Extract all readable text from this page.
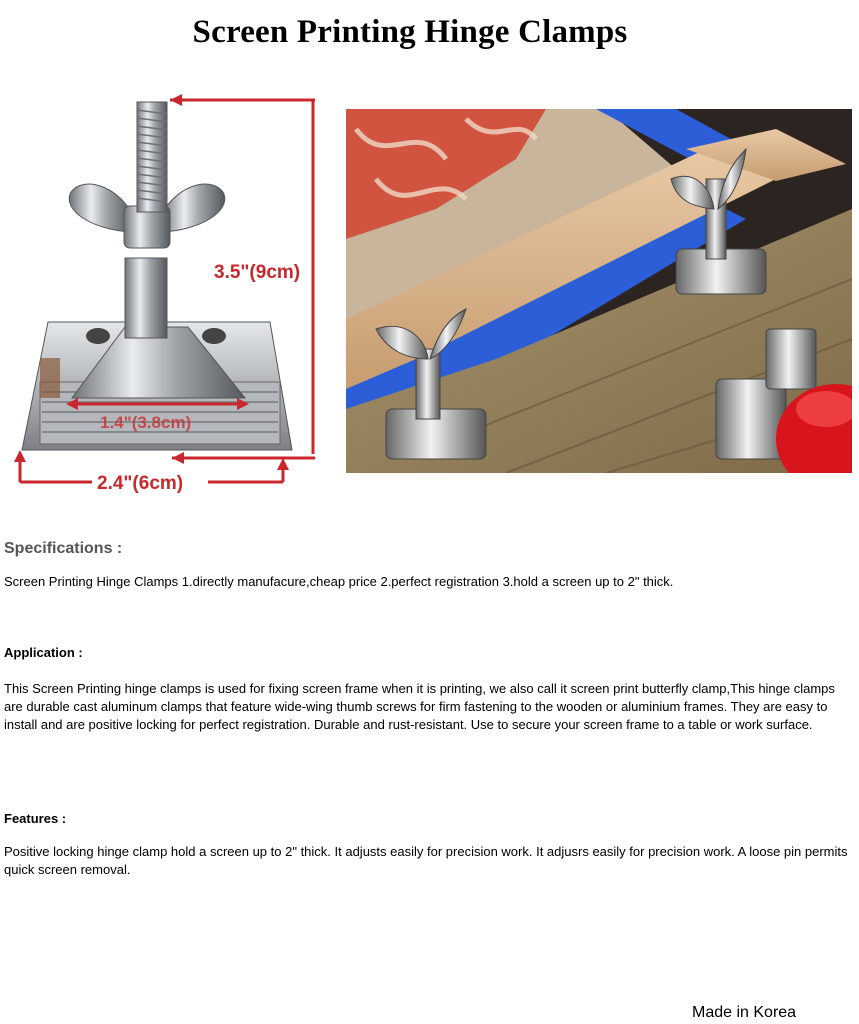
Screen Printing Hinge Clamps
3.5"(9cm)
1.4"(3.8cm)
2.4"(6cm)
Specifications :
Screen Printing Hinge Clamps 1.directly manufacure,cheap price 2.perfect registration 3.hold a screen up to 2" thick.
Application :
This Screen Printing hinge clamps is used for fixing screen frame when it is printing, we also call it screen print butterfly clamp,This hinge clamps are durable cast aluminum clamps that feature wide-wing thumb screws for firm fastening to the wooden or aluminium frames. They are easy to install and are positive locking for perfect registration. Durable and rust-resistant. Use to secure your screen frame to a table or work surface.
Features :
Positive locking hinge clamp hold a screen up to 2" thick. It adjusts easily for precision work. It adjusrs easily for precision work. A loose pin permits quick screen removal.
Made in Korea
